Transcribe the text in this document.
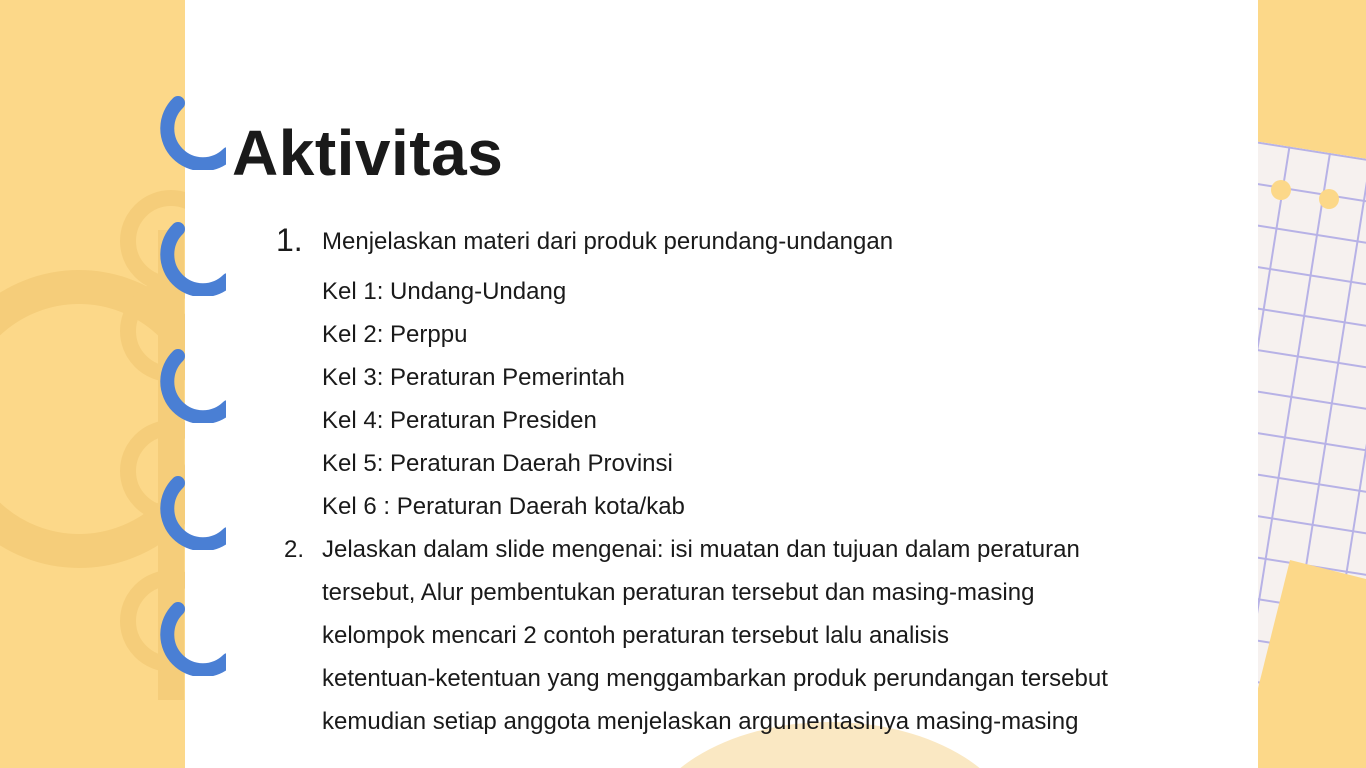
Aktivitas
1. Menjelaskan materi dari produk perundang-undangan
Kel 1: Undang-Undang
Kel 2: Perppu
Kel 3: Peraturan Pemerintah
Kel 4: Peraturan Presiden
Kel 5: Peraturan Daerah Provinsi
Kel 6 : Peraturan Daerah kota/kab
2. Jelaskan dalam slide mengenai: isi muatan dan tujuan dalam peraturan
tersebut, Alur pembentukan peraturan tersebut dan masing-masing
kelompok mencari 2 contoh peraturan tersebut lalu analisis
ketentuan-ketentuan yang menggambarkan produk perundangan tersebut
kemudian setiap anggota menjelaskan argumentasinya masing-masing
